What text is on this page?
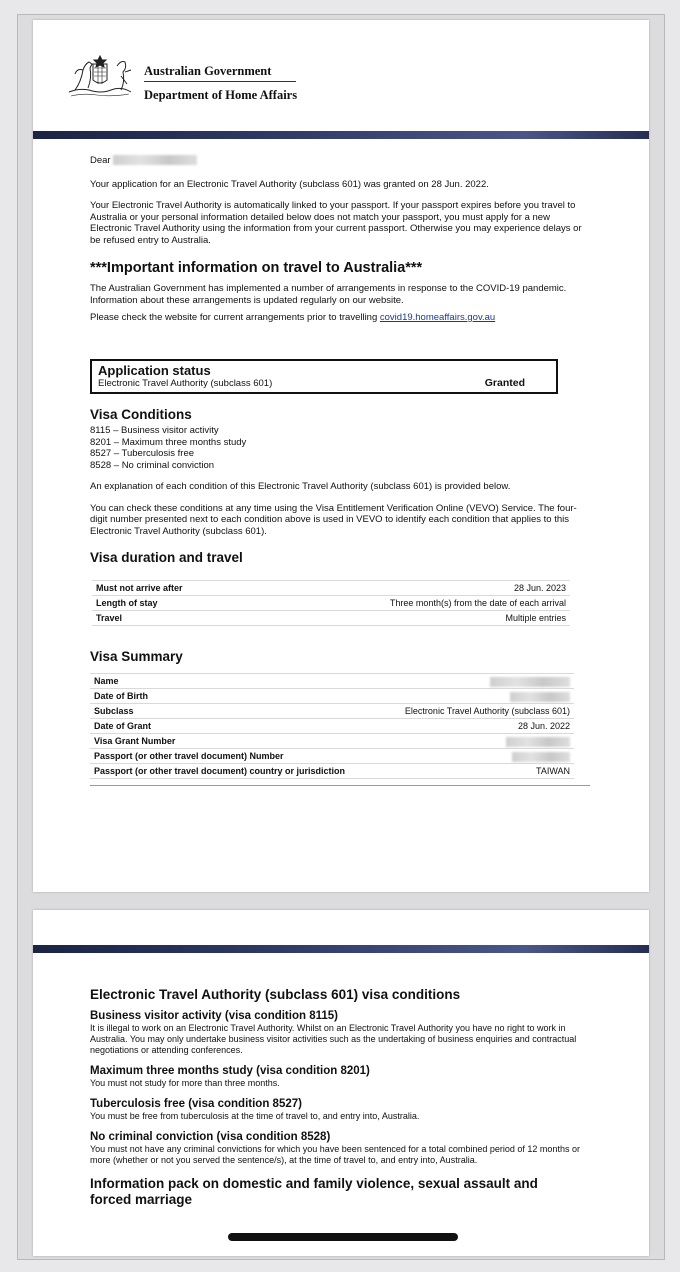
Australian Government
Department of Home Affairs

Dear

Your application for an Electronic Travel Authority (subclass 601) was granted on 28 Jun. 2022.

Your Electronic Travel Authority is automatically linked to your passport. If your passport expires before you travel to Australia or your personal information detailed below does not match your passport, you must apply for a new Electronic Travel Authority using the information from your current passport. Otherwise you may experience delays or be refused entry to Australia.

***Important information on travel to Australia***

The Australian Government has implemented a number of arrangements in response to the COVID-19 pandemic. Information about these arrangements is updated regularly on our website.

Please check the website for current arrangements prior to travelling covid19.homeaffairs.gov.au

Application status
Electronic Travel Authority (subclass 601)	Granted
Visa Conditions
8115 – Business visitor activity
8201 – Maximum three months study
8527 – Tuberculosis free
8528 – No criminal conviction

An explanation of each condition of this Electronic Travel Authority (subclass 601) is provided below.

You can check these conditions at any time using the Visa Entitlement Verification Online (VEVO) Service. The four-digit number presented next to each condition above is used in VEVO to identify each condition that applies to this Electronic Travel Authority (subclass 601).

Visa duration and travel
Must not arrive after	28 Jun. 2023
Length of stay	Three month(s) from the date of each arrival
Travel	Multiple entries
Visa Summary
Name	
Date of Birth	
Subclass	Electronic Travel Authority (subclass 601)
Date of Grant	28 Jun. 2022
Visa Grant Number	
Passport (or other travel document) Number	
Passport (or other travel document) country or jurisdiction	TAIWAN
Electronic Travel Authority (subclass 601) visa conditions
Business visitor activity (visa condition 8115)

It is illegal to work on an Electronic Travel Authority. Whilst on an Electronic Travel Authority you have no right to work in Australia. You may only undertake business visitor activities such as the undertaking of business enquiries and contractual negotiations or attending conferences.

Maximum three months study (visa condition 8201)

You must not study for more than three months.

Tuberculosis free (visa condition 8527)

You must be free from tuberculosis at the time of travel to, and entry into, Australia.

No criminal conviction (visa condition 8528)

You must not have any criminal convictions for which you have been sentenced for a total combined period of 12 months or more (whether or not you served the sentence/s), at the time of travel to, and entry into, Australia.

Information pack on domestic and family violence, sexual assault and forced marriage
